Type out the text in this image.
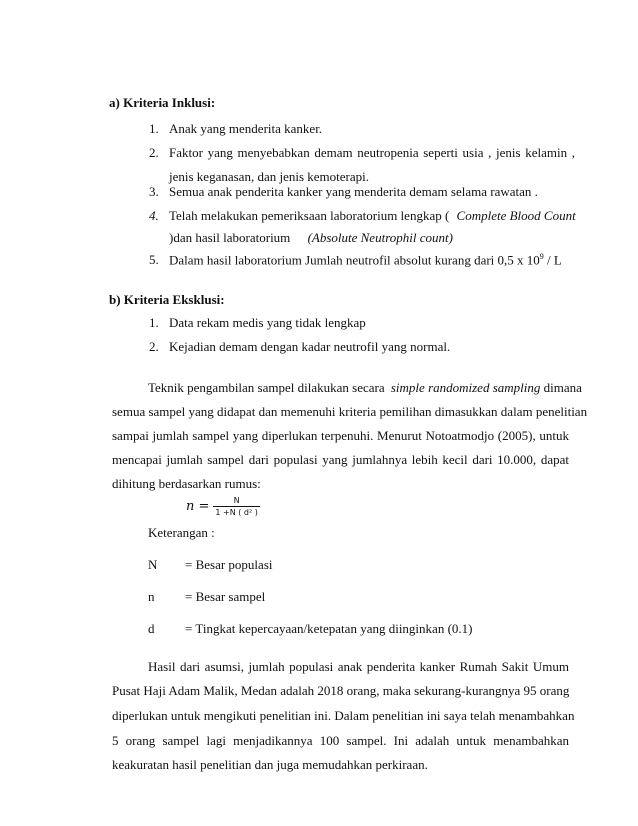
a) Kriteria Inklusi:
1. Anak yang menderita kanker.
2. Faktor yang menyebabkan demam neutropenia seperti usia , jenis kelamin ,
jenis keganasan, dan jenis kemoterapi.
3. Semua anak penderita kanker yang menderita demam selama rawatan .
4. Telah melakukan pemeriksaan laboratorium lengkap ( Complete Blood Count
)dan hasil laboratorium (Absolute Neutrophil count)
5. Dalam hasil laboratorium Jumlah neutrofil absolut kurang dari 0,5 x $10^9$ / L
b) Kriteria Eksklusi:
1. Data rekam medis yang tidak lengkap
2. Kejadian demam dengan kadar neutrofil yang normal.
Teknik pengambilan sampel dilakukan secara simple randomized sampling dimana
semua sampel yang didapat dan memenuhi kriteria pemilihan dimasukkan dalam penelitian
sampai jumlah sampel yang diperlukan terpenuhi. Menurut Notoatmodjo (2005), untuk
mencapai jumlah sampel dari populasi yang jumlahnya lebih kecil dari 10.000, dapat
dihitung berdasarkan rumus:
$n = \frac{N}{\text{1 +N ( d² )}}$
Keterangan :
N = Besar populasi
n = Besar sampel
d = Tingkat kepercayaan/ketepatan yang diinginkan (0.1)
Hasil dari asumsi, jumlah populasi anak penderita kanker Rumah Sakit Umum
Pusat Haji Adam Malik, Medan adalah 2018 orang, maka sekurang-kurangnya 95 orang
diperlukan untuk mengikuti penelitian ini. Dalam penelitian ini saya telah menambahkan
5 orang sampel lagi menjadikannya 100 sampel. Ini adalah untuk menambahkan
keakuratan hasil penelitian dan juga memudahkan perkiraan.
